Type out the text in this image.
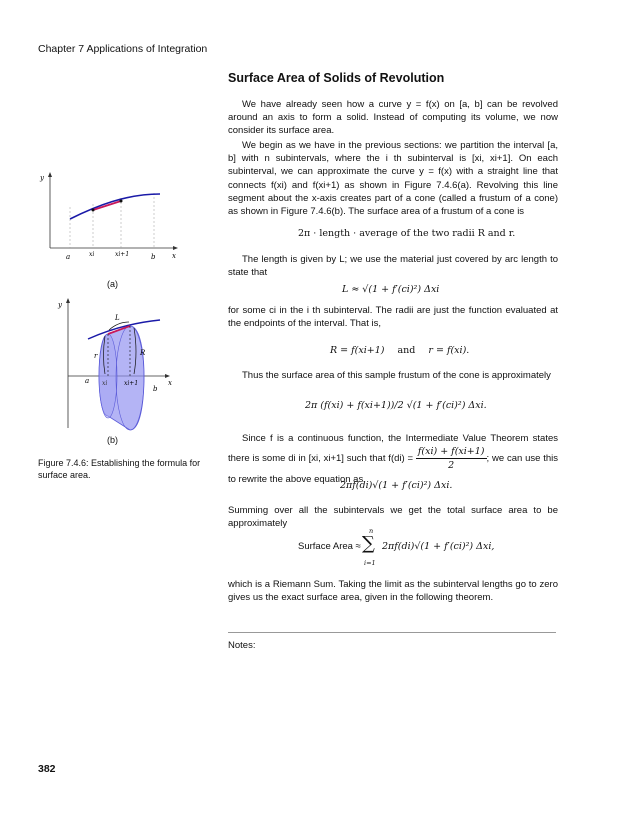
Chapter 7 Applications of Integration
Surface Area of Solids of Revolution
We have already seen how a curve y = f(x) on [a, b] can be revolved around an axis to form a solid. Instead of computing its volume, we now consider its surface area.
We begin as we have in the previous sections: we partition the interval [a, b] with n subintervals, where the i th subinterval is [xi, xi+1]. On each subinterval, we can approximate the curve y = f(x) with a straight line that connects f(xi) and f(xi+1) as shown in Figure 7.4.6(a). Revolving this line segment about the x-axis creates part of a cone (called a frustum of a cone) as shown in Figure 7.4.6(b). The surface area of a frustum of a cone is
2π · length · average of the two radii R and r.
The length is given by L; we use the material just covered by arc length to state that
L ≈ √(1 + f′(ci)²) Δxi
for some ci in the i th subinterval. The radii are just the function evaluated at the endpoints of the interval. That is,
R = f(xi+1) and r = f(xi).
Thus the surface area of this sample frustum of the cone is approximately
2π (f(xi) + f(xi+1))/2 √(1 + f′(ci)²) Δxi.
Since f is a continuous function, the Intermediate Value Theorem states there is some di in [xi, xi+1] such that $f(di) = \frac{f(xi) + f(xi+1)}{2}$ ; we can use this to rewrite the above equation as
2πf(di)√(1 + f′(ci)²) Δxi.
Summing over all the subintervals we get the total surface area to be approximately
Surface Area ≈
n
∑
i=1
2πf(di)√(1 + f′(ci)²) Δxi,
which is a Riemann Sum. Taking the limit as the subinterval lengths go to zero gives us the exact surface area, given in the following theorem.
Notes:
y
x
a	xi	xi+1	b
(a)
y
x
a xi	xi+1
b
L
r	R
(b)
Figure 7.4.6: Establishing the formula for surface area.
382
